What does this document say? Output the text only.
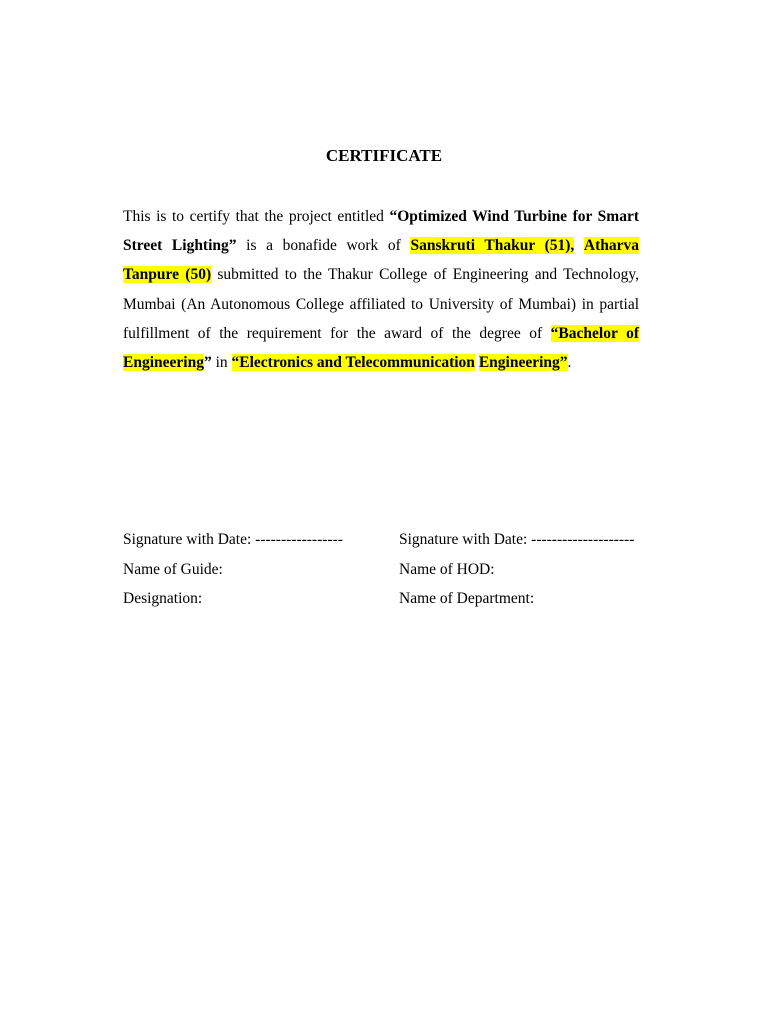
CERTIFICATE

This is to certify that the project entitled “Optimized Wind Turbine for Smart Street Lighting” is a bonafide work of Sanskruti Thakur (51), Atharva Tanpure (50) submitted to the Thakur College of Engineering and Technology, Mumbai (An Autonomous College affiliated to University of Mumbai) in partial fulfillment of the requirement for the award of the degree of “Bachelor of Engineering” in “Electronics and Telecommunication Engineering”.

Signature with Date: -----------------
Name of Guide:
Designation:
Signature with Date: --------------------
Name of HOD:
Name of Department:
